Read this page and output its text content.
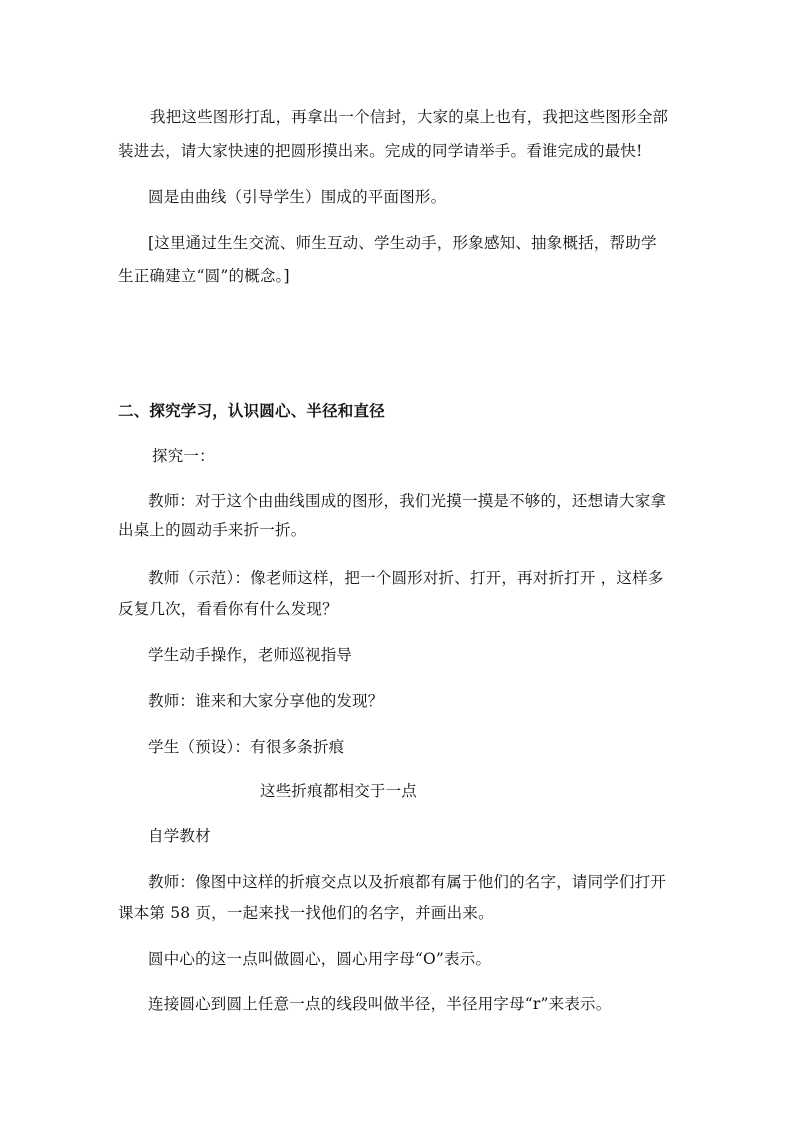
我把这些图形打乱，再拿出一个信封，大家的桌上也有，我把这些图形全部
装进去，请大家快速的把圆形摸出来。完成的同学请举手。看谁完成的最快!
圆是由曲线（引导学生）围成的平面图形。
[这里通过生生交流、师生互动、学生动手，形象感知、抽象概括，帮助学
生正确建立“圆”的概念。]
二、探究学习，认识圆心、半径和直径
探究一：
教师：对于这个由曲线围成的图形，我们光摸一摸是不够的，还想请大家拿
出桌上的圆动手来折一折。
教师（示范）：像老师这样，把一个圆形对折、打开，再对折打开 ，这样多
反复几次，看看你有什么发现？
学生动手操作，老师巡视指导
教师：谁来和大家分享他的发现？
学生（预设）：有很多条折痕
这些折痕都相交于一点
自学教材
教师：像图中这样的折痕交点以及折痕都有属于他们的名字，请同学们打开
课本第 58 页，一起来找一找他们的名字，并画出来。
圆中心的这一点叫做圆心，圆心用字母“O”表示。
连接圆心到圆上任意一点的线段叫做半径，半径用字母“r”来表示。
